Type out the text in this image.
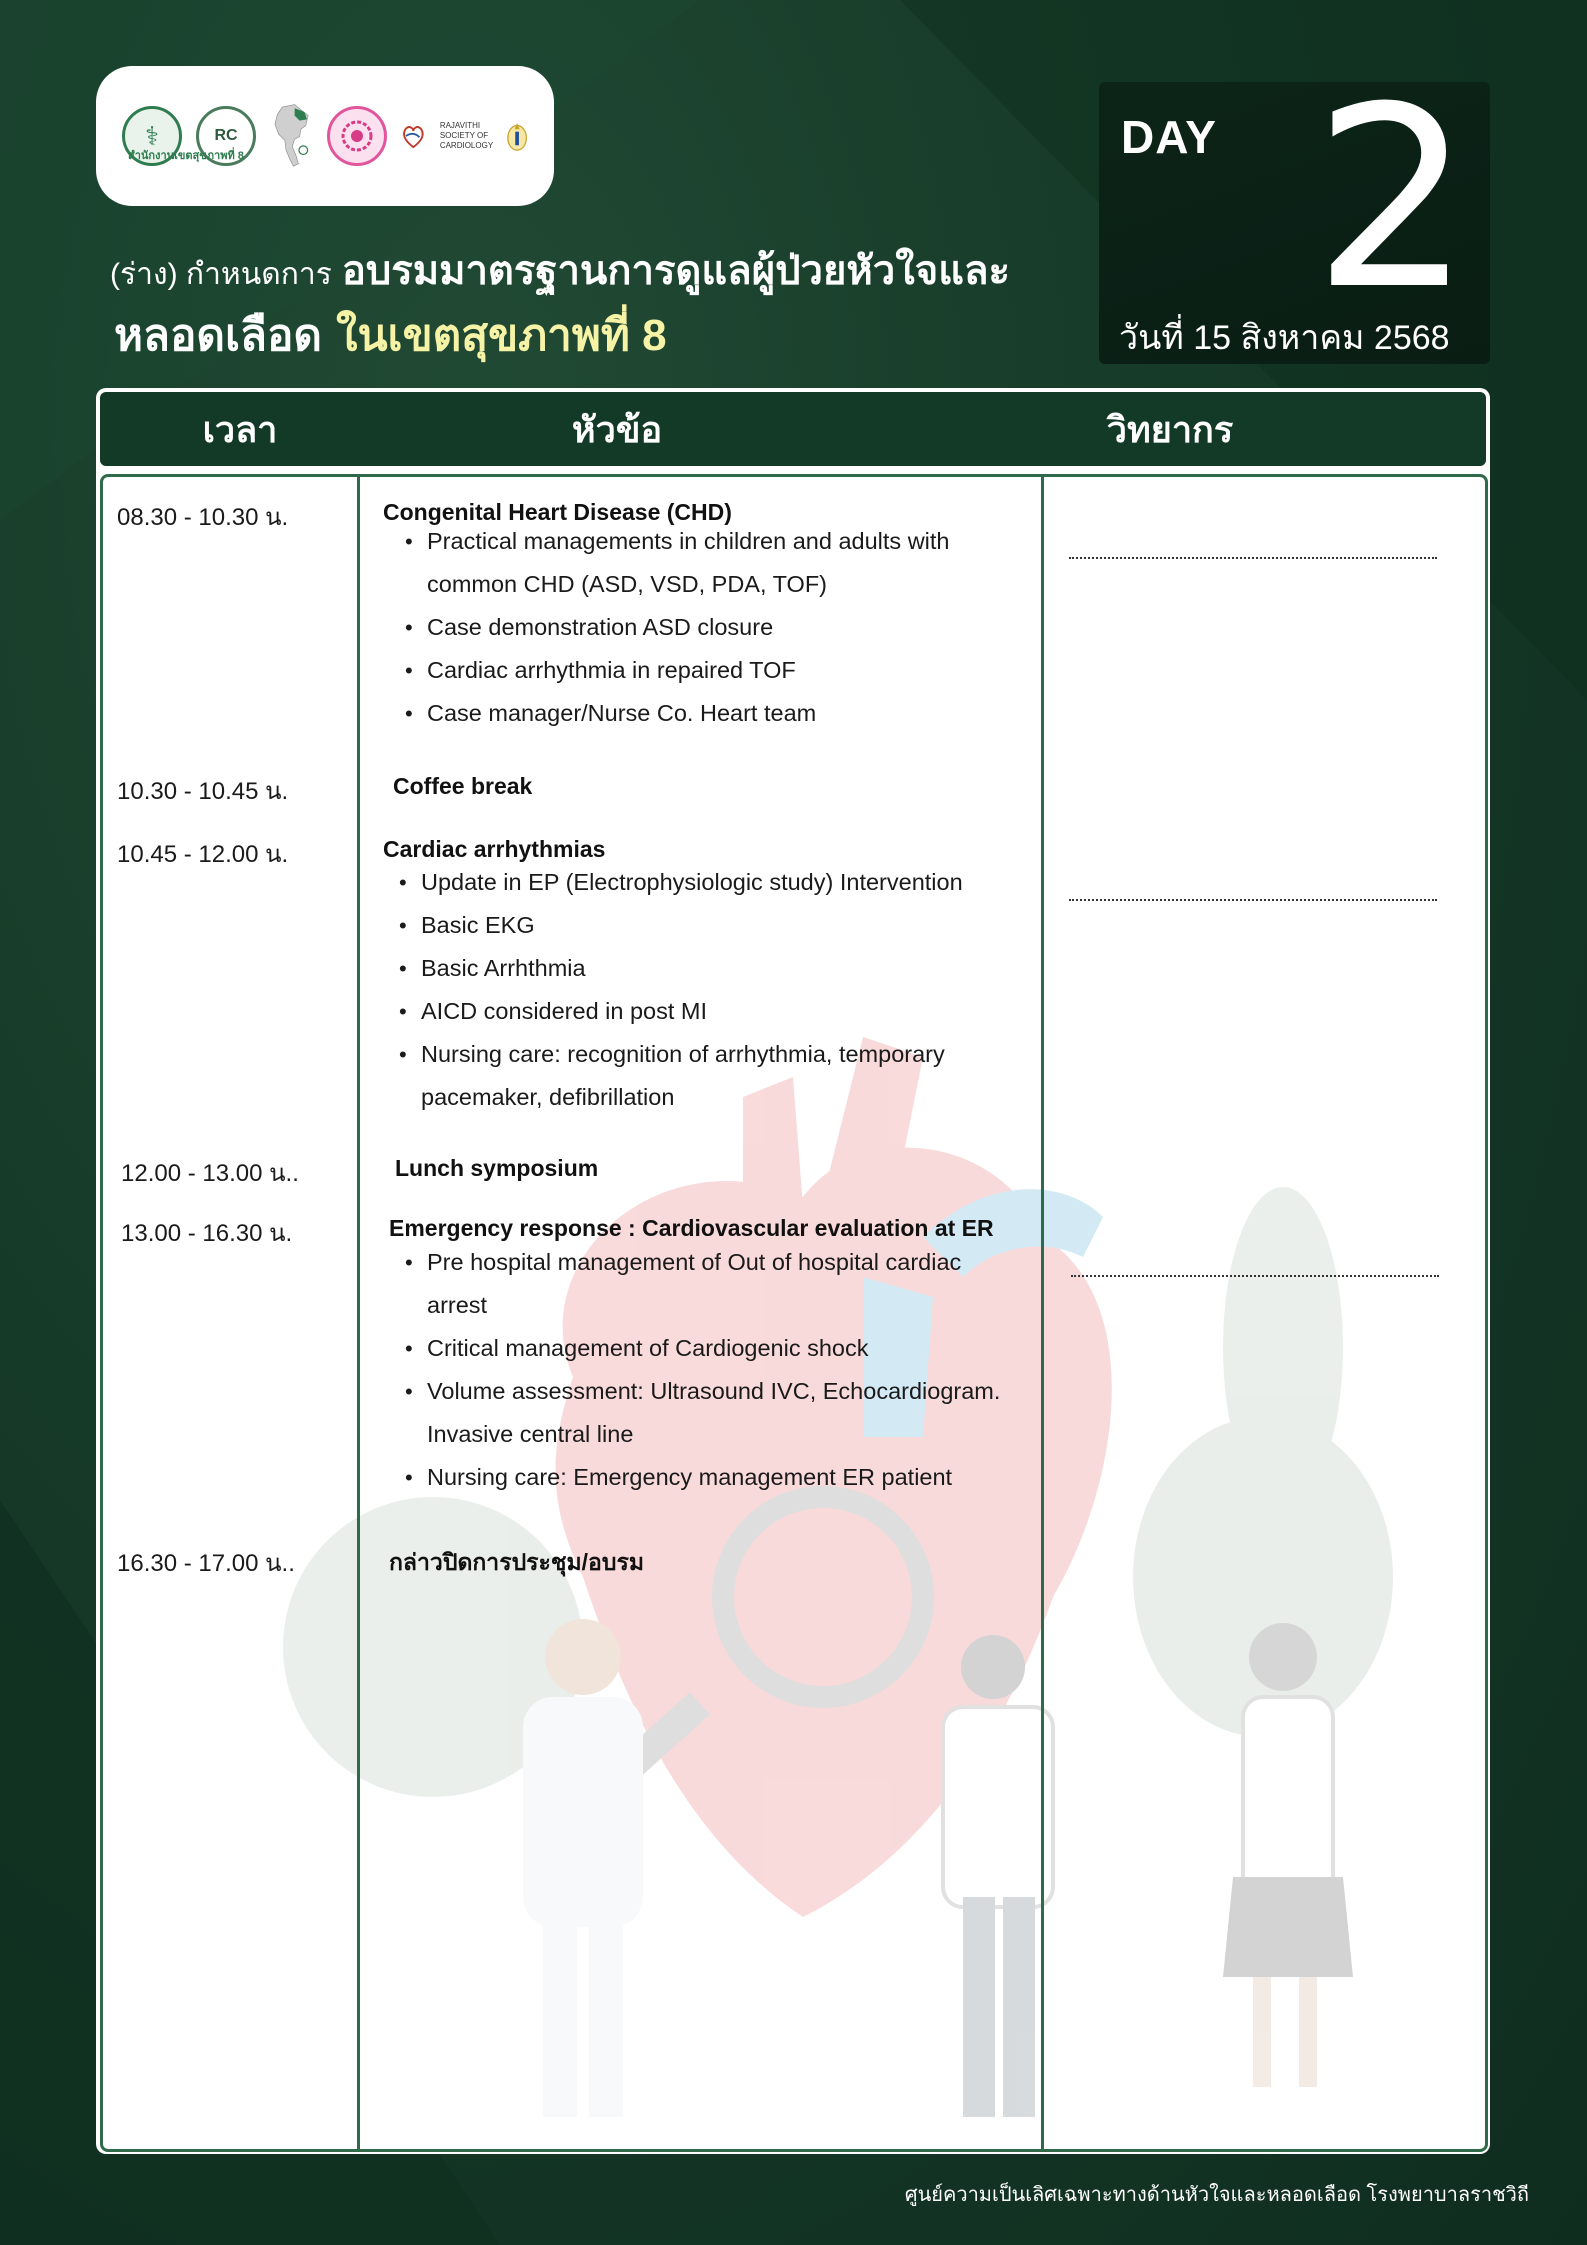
⚕	RC
RAJAVITHI SOCIETY OF CARDIOLOGY
สำนักงานเขตสุขภาพที่ 8
(ร่าง) กำหนดการ อบรมมาตรฐานการดูแลผู้ป่วยหัวใจและ
หลอดเลือด ในเขตสุขภาพที่ 8
DAY 2
วันที่ 15 สิงหาคม 2568
เวลา	หัวข้อ	วิทยากร
08.30 - 10.30 น.	Congenital Heart Disease (CHD)
• Practical managements in children and adults with common CHD (ASD, VSD, PDA, TOF)
• Case demonstration ASD closure
• Cardiac arrhythmia in repaired TOF
• Case manager/Nurse Co. Heart team
10.30 - 10.45 น.	Coffee break
10.45 - 12.00 น.	Cardiac arrhythmias
• Update in EP (Electrophysiologic study) Intervention
• Basic EKG
• Basic Arrhthmia
• AICD considered in post MI
• Nursing care: recognition of arrhythmia, temporary pacemaker, defibrillation
12.00 - 13.00 น..	Lunch symposium
13.00 - 16.30 น.	Emergency response : Cardiovascular evaluation at ER
• Pre hospital management of Out of hospital cardiac arrest
• Critical management of Cardiogenic shock
• Volume assessment: Ultrasound IVC, Echocardiogram. Invasive central line
• Nursing care: Emergency management ER patient
16.30 - 17.00 น..	กล่าวปิดการประชุม/อบรม
ศูนย์ความเป็นเลิศเฉพาะทางด้านหัวใจและหลอดเลือด โรงพยาบาลราชวิถี
